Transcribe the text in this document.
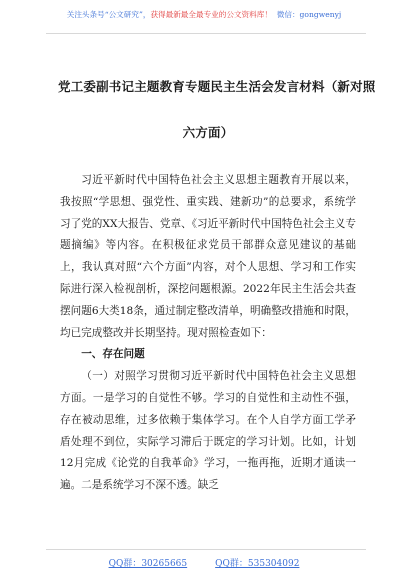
关注头条号“公文研究”，获得最新最全最专业的公文资料库！ 微信：gongwenyj
党工委副书记主题教育专题民主生活会发言材料（新对照
六方面）

习近平新时代中国特色社会主义思想主题教育开展以来，我按照“学思想、强党性、重实践、建新功”的总要求，系统学习了党的XX大报告、党章、《习近平新时代中国特色社会主义专题摘编》等内容。在积极征求党员干部群众意见建议的基础上，我认真对照“六个方面”内容，对个人思想、学习和工作实际进行深入检视剖析，深挖问题根源。2022年民主生活会共查摆问题6大类18条，通过制定整改清单，明确整改措施和时限，均已完成整改并长期坚持。现对照检查如下：

一、存在问题

（一）对照学习贯彻习近平新时代中国特色社会主义思想方面。一是学习的自觉性不够。学习的自觉性和主动性不强，存在被动思维，过多依赖于集体学习。在个人自学方面工学矛盾处理不到位，实际学习滞后于既定的学习计划。比如，计划12月完成《论党的自我革命》学习，一拖再拖，近期才通读一遍。二是系统学习不深不透。缺乏

QQ群：30265665	QQ群：535304092
